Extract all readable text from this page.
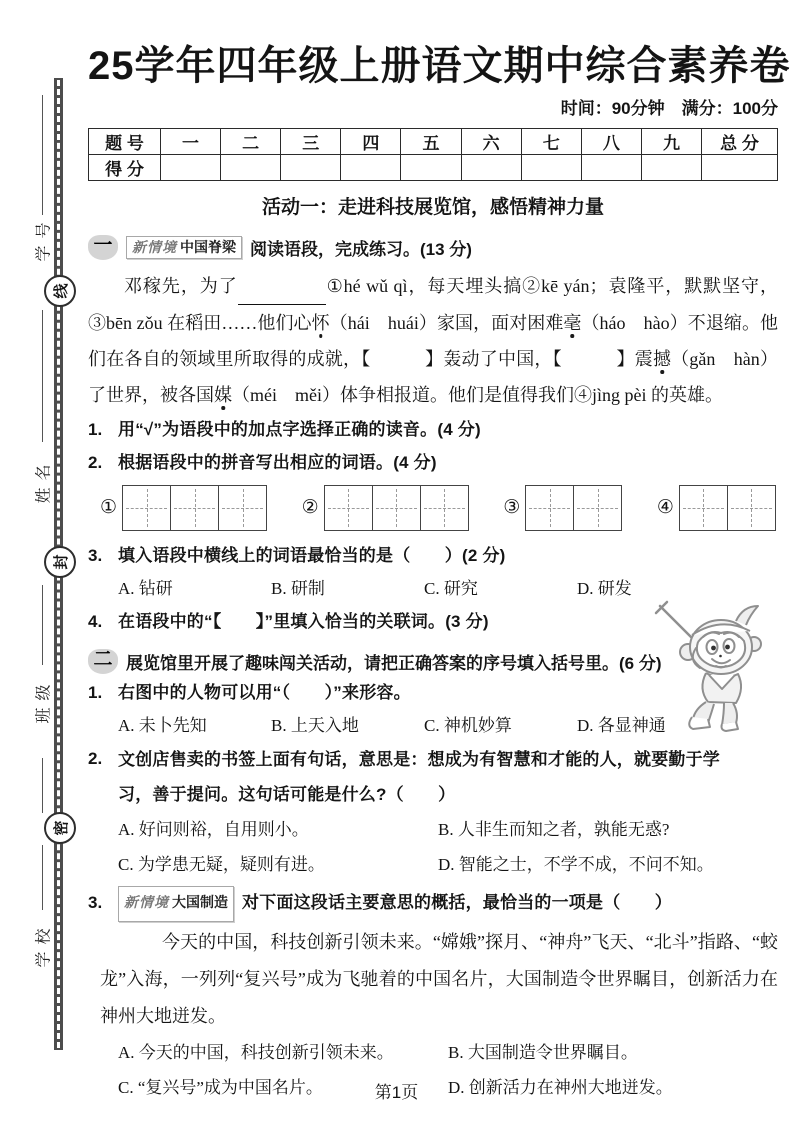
学号
线
姓名
封
班级
密
学校
25学年四年级上册语文期中综合素养卷
时间：90分钟　满分：100分
题 号	一	二	三	四	五	六	七	八	九	总 分
得 分										
活动一：走进科技展览馆，感悟精神力量
一	新情境 中国脊梁 阅读语段，完成练习。(13 分)

邓稼先，为了	①hé wǔ qì，每天埋头搞②kē yán；袁隆平，默默坚守，③bēn zǒu 在稻田……他们心怀（hái　huái）家国，面对困难毫（háo　hào）不退缩。他们在各自的领域里所取得的成就，【　　　】轰动了中国，【　　　】震撼（gǎn　hàn）了世界，被各国媒（méi　měi）体争相报道。他们是值得我们④jìng pèi 的英雄。

1. 用“√”为语段中的加点字选择正确的读音。(4 分)
2. 根据语段中的拼音写出相应的词语。(4 分)
①	②	③	④
3. 填入语段中横线上的词语最恰当的是（　　）(2 分)
A. 钻研	B. 研制	C. 研究	D. 研发
4. 在语段中的“【　　】”里填入恰当的关联词。(3 分)
二 展览馆里开展了趣味闯关活动，请把正确答案的序号填入括号里。(6 分)
1. 右图中的人物可以用“（　　）”来形容。
A. 未卜先知	B. 上天入地	C. 神机妙算	D. 各显神通
2. 文创店售卖的书签上面有句话，意思是：想成为有智慧和才能的人，就要勤于学习，善于提问。这句话可能是什么?（　　）
A. 好问则裕，自用则小。	B. 人非生而知之者，孰能无惑?
C. 为学患无疑，疑则有进。	D. 智能之士，不学不成，不问不知。
3.	新情境 大国制造 对下面这段话主要意思的概括，最恰当的一项是（　　）

今天的中国，科技创新引领未来。“嫦娥”探月、“神舟”飞天、“北斗”指路、“蛟龙”入海，一列列“复兴号”成为飞驰着的中国名片，大国制造令世界瞩目，创新活力在神州大地迸发。

A. 今天的中国，科技创新引领未来。	B. 大国制造令世界瞩目。
C. “复兴号”成为中国名片。	D. 创新活力在神州大地迸发。
第1页
